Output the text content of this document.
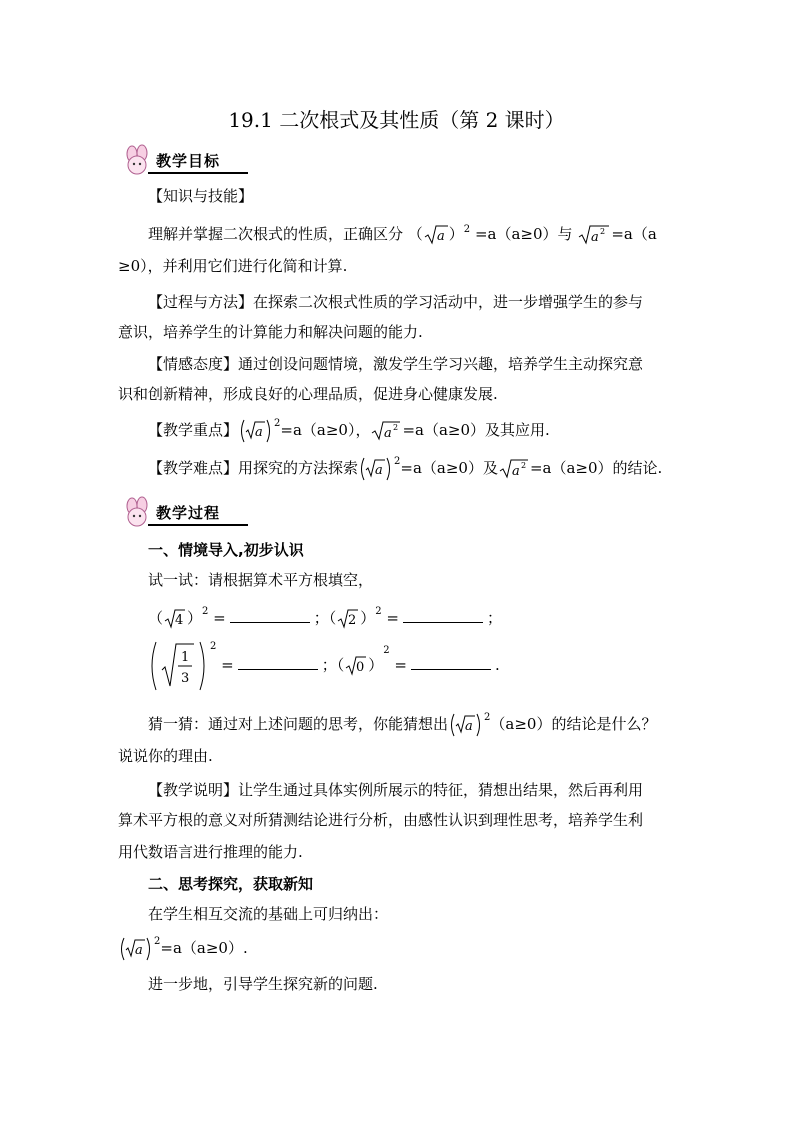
19.1 二次根式及其性质（第 2 课时）
教学目标
【知识与技能】
理解并掌握二次根式的性质，正确区分 （ a ）$^2$ =a（a≥0）与 a 2 =a（a
≥0），并利用它们进行化简和计算.
【过程与方法】在探索二次根式性质的学习活动中，进一步增强学生的参与
意识，培养学生的计算能力和解决问题的能力.
【情感态度】通过创设问题情境，激发学生学习兴趣，培养学生主动探究意
识和创新精神，形成良好的心理品质，促进身心健康发展.
【教学重点】 a
$^2$=a（a≥0）， a 2 =a（a≥0）及其应用.
【教学难点】用探究的方法探索 a
$^2$=a（a≥0）及 a 2 =a（a≥0）的结论.
教学过程
一、情境导入,初步认识
试一试：请根据算术平方根填空，
（ 4 ）$^2$ =	；（ 2 ）$^2$ =	；
1
3
$^2$ =	；（ 0 ）$^2$ =	.
猜一猜：通过对上述问题的思考，你能猜想出 a
$^2$（a≥0）的结论是什么？
说说你的理由.
【教学说明】让学生通过具体实例所展示的特征，猜想出结果，然后再利用
算术平方根的意义对所猜测结论进行分析，由感性认识到理性思考，培养学生利
用代数语言进行推理的能力.
二、思考探究，获取新知
在学生相互交流的基础上可归纳出：
a
$^2$=a（a≥0）.
进一步地，引导学生探究新的问题.
